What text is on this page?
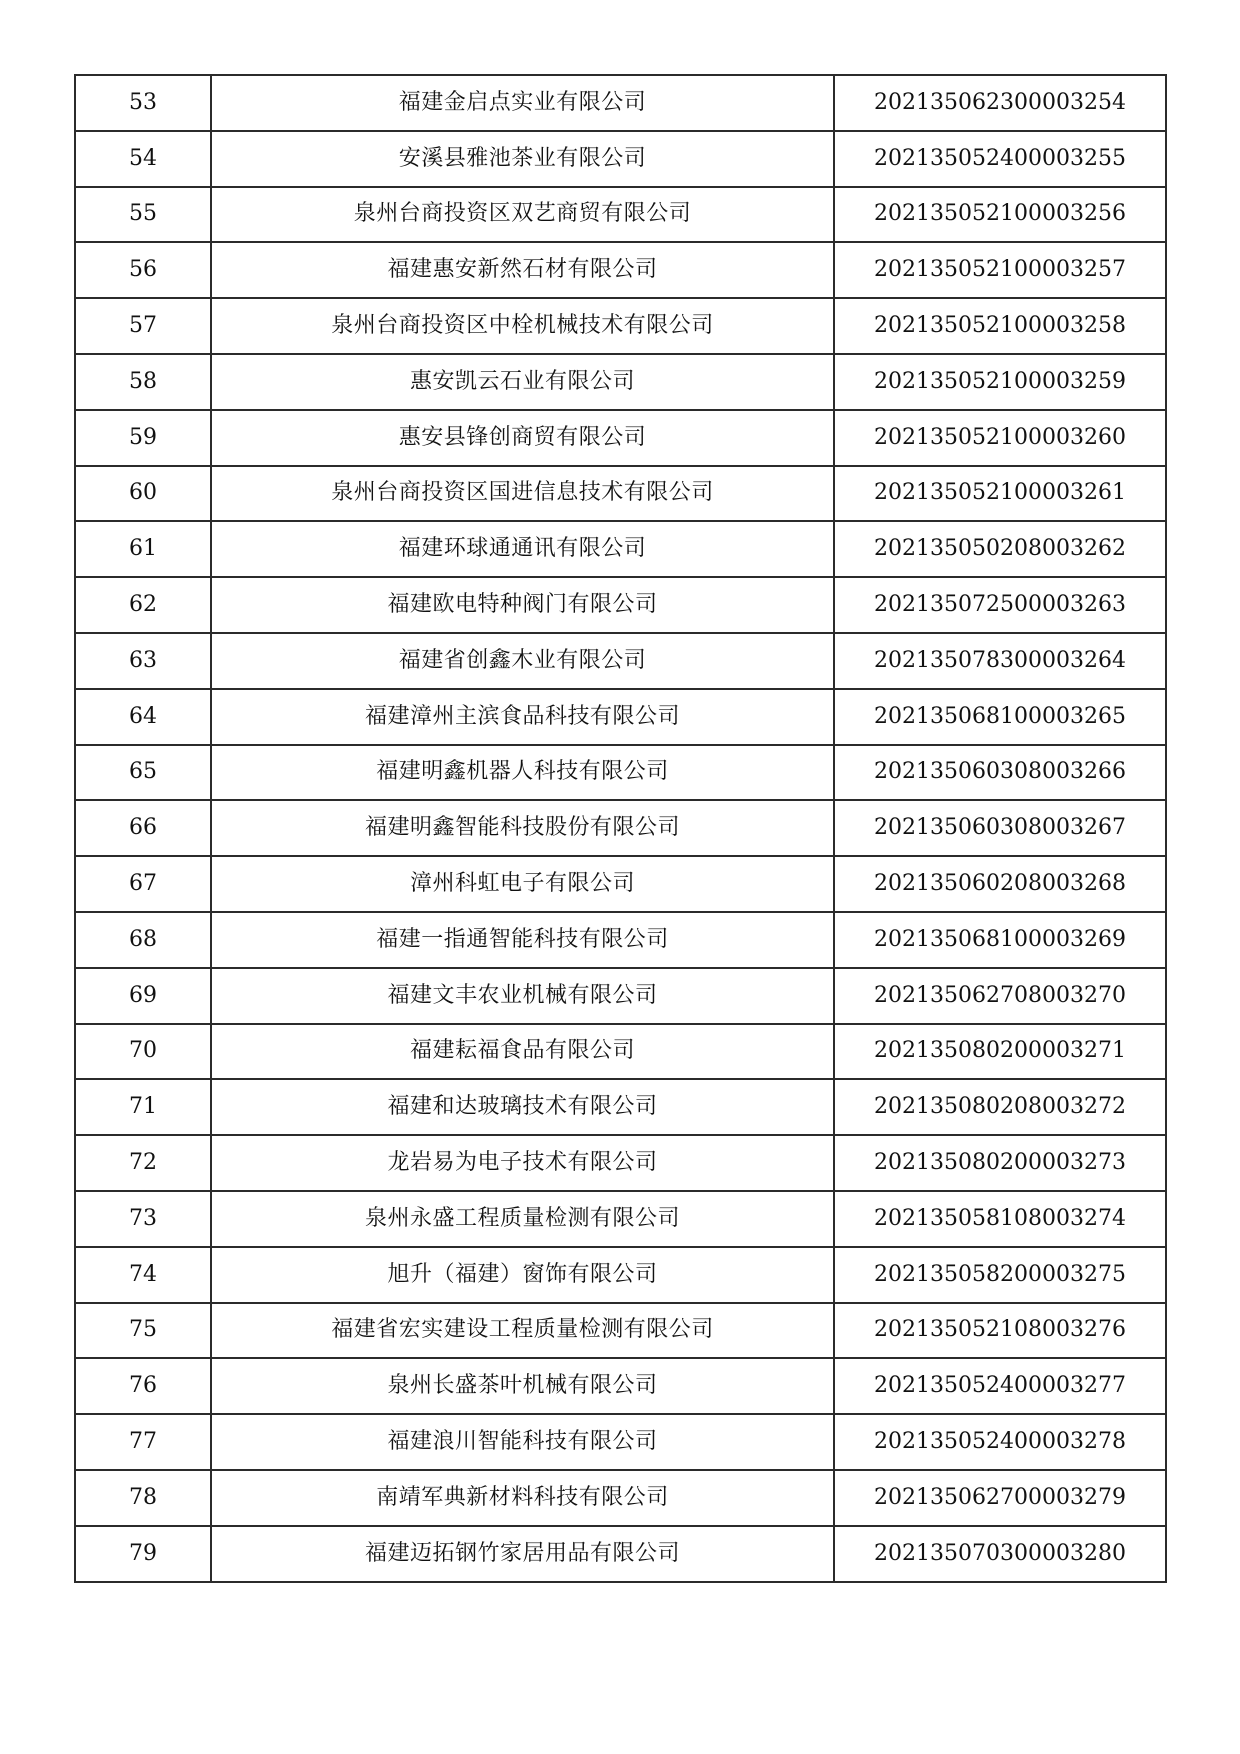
53	福建金启点实业有限公司	202135062300003254
54	安溪县雅池茶业有限公司	202135052400003255
55	泉州台商投资区双艺商贸有限公司	202135052100003256
56	福建惠安新然石材有限公司	202135052100003257
57	泉州台商投资区中栓机械技术有限公司	202135052100003258
58	惠安凯云石业有限公司	202135052100003259
59	惠安县锋创商贸有限公司	202135052100003260
60	泉州台商投资区国进信息技术有限公司	202135052100003261
61	福建环球通通讯有限公司	202135050208003262
62	福建欧电特种阀门有限公司	202135072500003263
63	福建省创鑫木业有限公司	202135078300003264
64	福建漳州主滨食品科技有限公司	202135068100003265
65	福建明鑫机器人科技有限公司	202135060308003266
66	福建明鑫智能科技股份有限公司	202135060308003267
67	漳州科虹电子有限公司	202135060208003268
68	福建一指通智能科技有限公司	202135068100003269
69	福建文丰农业机械有限公司	202135062708003270
70	福建耘福食品有限公司	202135080200003271
71	福建和达玻璃技术有限公司	202135080208003272
72	龙岩易为电子技术有限公司	202135080200003273
73	泉州永盛工程质量检测有限公司	202135058108003274
74	旭升（福建）窗饰有限公司	202135058200003275
75	福建省宏实建设工程质量检测有限公司	202135052108003276
76	泉州长盛茶叶机械有限公司	202135052400003277
77	福建浪川智能科技有限公司	202135052400003278
78	南靖军典新材料科技有限公司	202135062700003279
79	福建迈拓钢竹家居用品有限公司	202135070300003280
